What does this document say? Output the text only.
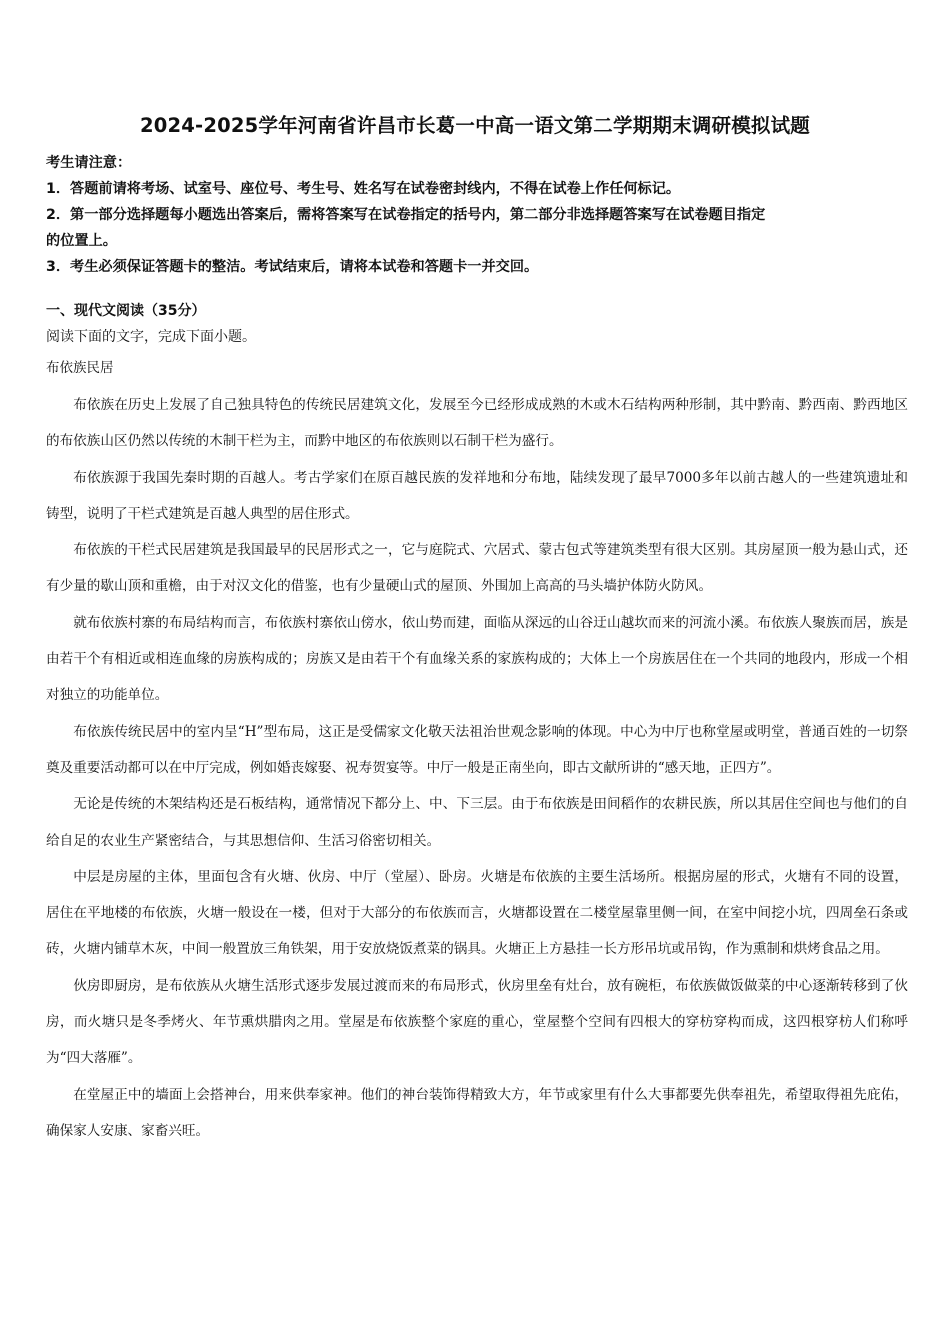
2024-2025学年河南省许昌市长葛一中高一语文第二学期期末调研模拟试题
考生请注意：
1．答题前请将考场、试室号、座位号、考生号、姓名写在试卷密封线内，不得在试卷上作任何标记。
2．第一部分选择题每小题选出答案后，需将答案写在试卷指定的括号内，第二部分非选择题答案写在试卷题目指定
的位置上。
3．考生必须保证答题卡的整洁。考试结束后，请将本试卷和答题卡一并交回。
一、现代文阅读（35分）
阅读下面的文字，完成下面小题。
布依族民居

布依族在历史上发展了自己独具特色的传统民居建筑文化，发展至今已经形成成熟的木或木石结构两种形制，其中黔南、黔西南、黔西地区的布依族山区仍然以传统的木制干栏为主，而黔中地区的布依族则以石制干栏为盛行。

布依族源于我国先秦时期的百越人。考古学家们在原百越民族的发祥地和分布地，陆续发现了最早7000多年以前古越人的一些建筑遗址和铸型，说明了干栏式建筑是百越人典型的居住形式。

布依族的干栏式民居建筑是我国最早的民居形式之一，它与庭院式、穴居式、蒙古包式等建筑类型有很大区别。其房屋顶一般为悬山式，还有少量的歇山顶和重檐，由于对汉文化的借鉴，也有少量硬山式的屋顶、外围加上高高的马头墙护体防火防风。

就布依族村寨的布局结构而言，布依族村寨依山傍水，依山势而建，面临从深远的山谷迂山越坎而来的河流小溪。布依族人聚族而居，族是由若干个有相近或相连血缘的房族构成的；房族又是由若干个有血缘关系的家族构成的；大体上一个房族居住在一个共同的地段内，形成一个相对独立的功能单位。

布依族传统民居中的室内呈“H”型布局，这正是受儒家文化敬天法祖治世观念影响的体现。中心为中厅也称堂屋或明堂，普通百姓的一切祭奠及重要活动都可以在中厅完成，例如婚丧嫁娶、祝寿贺宴等。中厅一般是正南坐向，即古文献所讲的“感天地，正四方”。

无论是传统的木架结构还是石板结构，通常情况下都分上、中、下三层。由于布依族是田间稻作的农耕民族，所以其居住空间也与他们的自给自足的农业生产紧密结合，与其思想信仰、生活习俗密切相关。

中层是房屋的主体，里面包含有火塘、伙房、中厅（堂屋）、卧房。火塘是布依族的主要生活场所。根据房屋的形式，火塘有不同的设置，居住在平地楼的布依族，火塘一般设在一楼，但对于大部分的布依族而言，火塘都设置在二楼堂屋靠里侧一间，在室中间挖小坑，四周垒石条或砖，火塘内铺草木灰，中间一般置放三角铁架，用于安放烧饭煮菜的锅具。火塘正上方悬挂一长方形吊坑或吊钩，作为熏制和烘烤食品之用。

伙房即厨房，是布依族从火塘生活形式逐步发展过渡而来的布局形式，伙房里垒有灶台，放有碗柜，布依族做饭做菜的中心逐渐转移到了伙房，而火塘只是冬季烤火、年节熏烘腊肉之用。堂屋是布依族整个家庭的重心，堂屋整个空间有四根大的穿枋穿构而成，这四根穿枋人们称呼为“四大落雁”。

在堂屋正中的墙面上会搭神台，用来供奉家神。他们的神台装饰得精致大方，年节或家里有什么大事都要先供奉祖先，希望取得祖先庇佑，确保家人安康、家畜兴旺。
